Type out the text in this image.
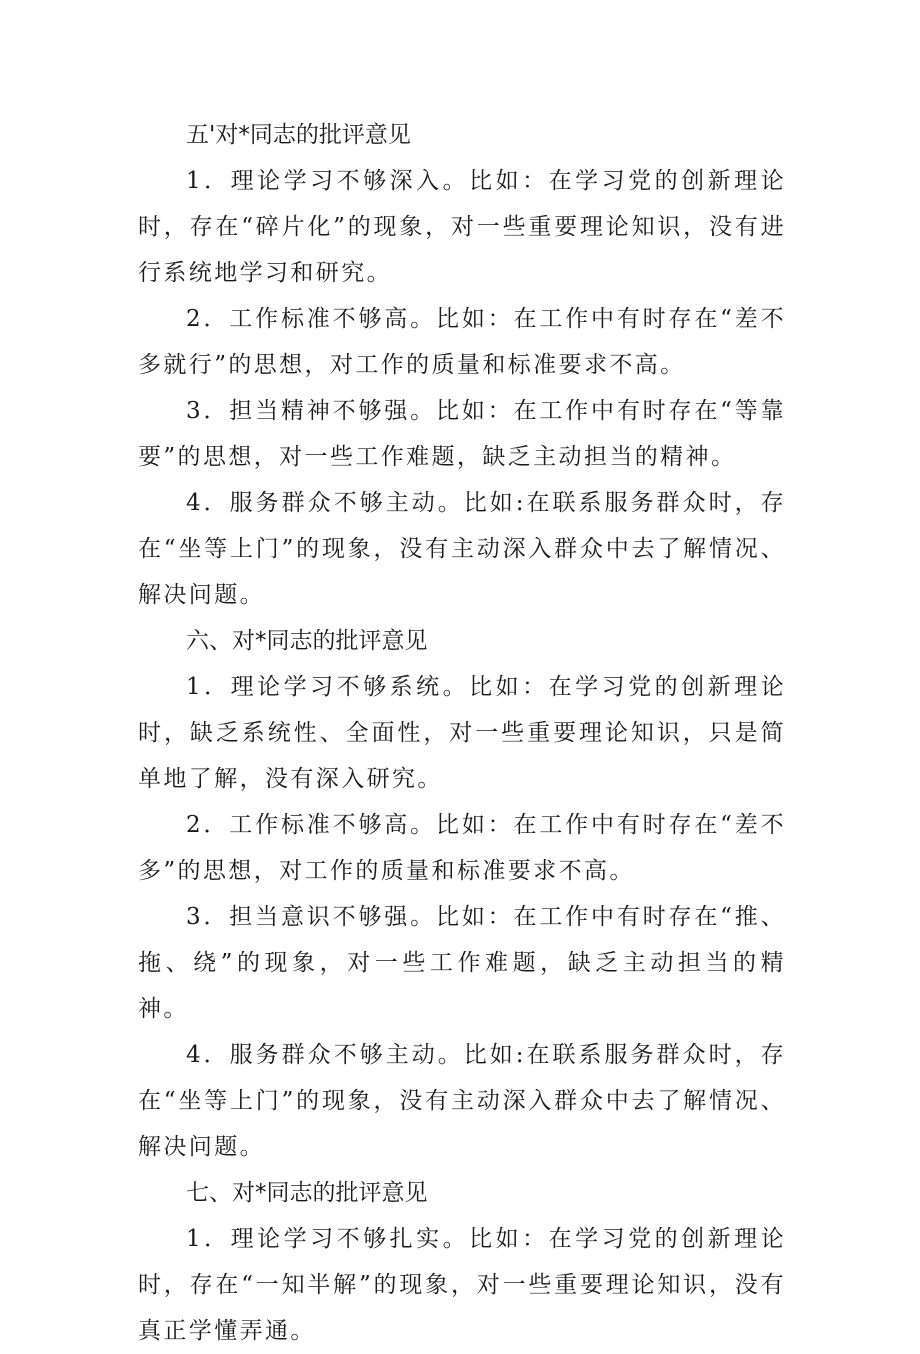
五'对*同志的批评意见

1．理论学习不够深入。比如：在学习党的创新理论时，存在“碎片化”的现象，对一些重要理论知识，没有进行系统地学习和研究。

2．工作标准不够高。比如：在工作中有时存在“差不多就行”的思想，对工作的质量和标准要求不高。

3．担当精神不够强。比如：在工作中有时存在“等靠要”的思想，对一些工作难题，缺乏主动担当的精神。

4．服务群众不够主动。比如:在联系服务群众时，存在“坐等上门”的现象，没有主动深入群众中去了解情况、解决问题。

六、对*同志的批评意见

1．理论学习不够系统。比如：在学习党的创新理论时，缺乏系统性、全面性，对一些重要理论知识，只是简单地了解，没有深入研究。

2．工作标准不够高。比如：在工作中有时存在“差不多”的思想，对工作的质量和标准要求不高。

3．担当意识不够强。比如：在工作中有时存在“推、拖、绕”的现象，对一些工作难题，缺乏主动担当的精神。

4．服务群众不够主动。比如:在联系服务群众时，存在“坐等上门”的现象，没有主动深入群众中去了解情况、解决问题。

七、对*同志的批评意见

1．理论学习不够扎实。比如：在学习党的创新理论时，存在“一知半解”的现象，对一些重要理论知识，没有真正学懂弄通。
